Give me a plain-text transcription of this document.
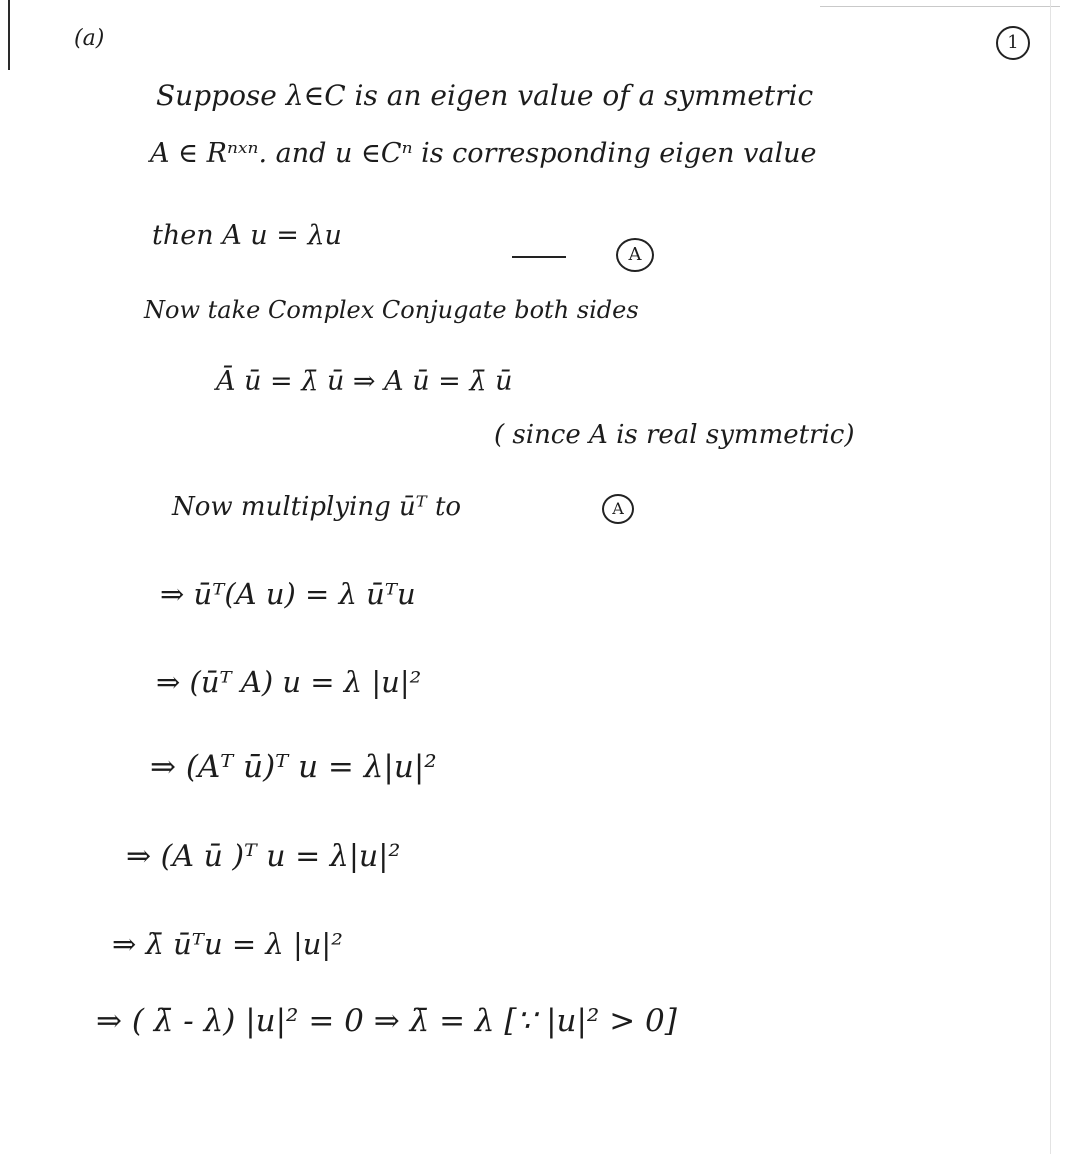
(a)	1
Suppose λ∈C is an eigen value of a symmetric
A ∈ Rⁿˣⁿ. and u ∈Cⁿ is corresponding eigen value
then A u = λu
A
Now take Complex Conjugate both sides
Ā ū = λ̄ ū ⇒ A ū = λ̄ ū
( since A is real symmetric)
Now multiplying ūᵀ to	A
⇒ ūᵀ(A u) = λ ūᵀu
⇒ (ūᵀ A) u = λ |u|²
⇒ (Aᵀ ū)ᵀ u = λ|u|²
⇒ (A ū )ᵀ u = λ|u|²
⇒ λ̄ ūᵀu = λ |u|²
⇒ ( λ̄ - λ) |u|² = 0 ⇒ λ̄ = λ [∵ |u|² > 0]
